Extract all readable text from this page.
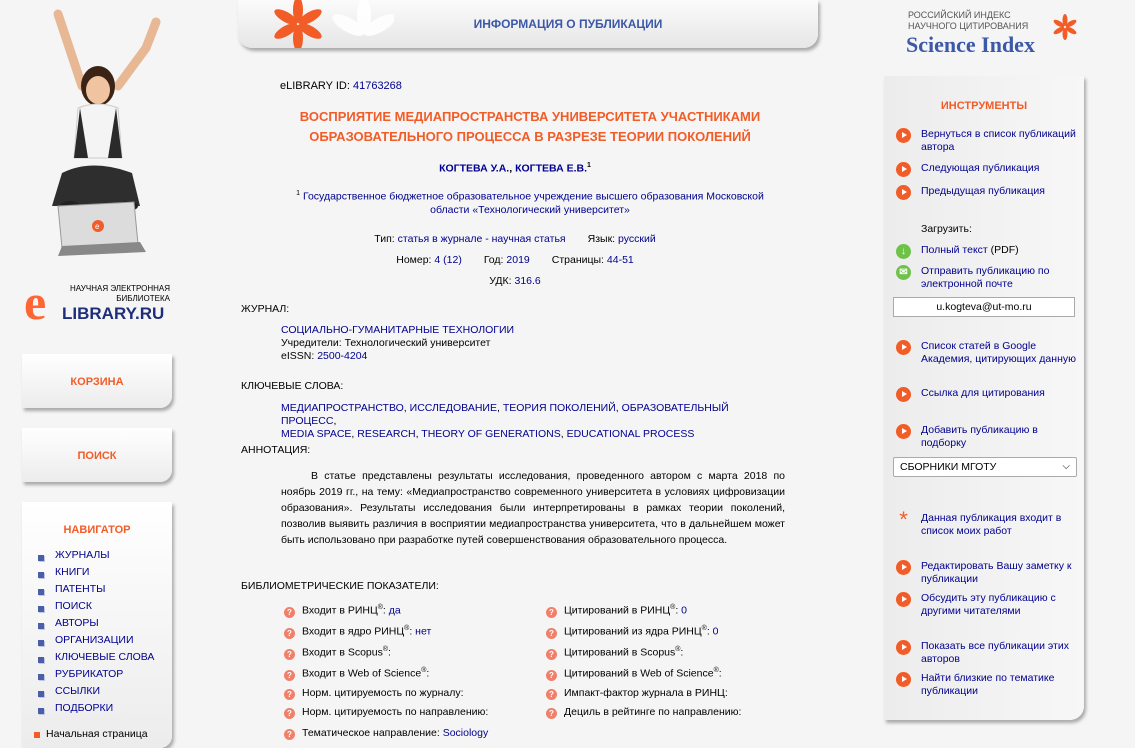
e
НАУЧНАЯ ЭЛЕКТРОННАЯ
БИБЛИОТЕКА
e LIBRARY.RU
КОРЗИНА
ПОИСК
НАВИГАТОР
ЖУРНАЛЫ
КНИГИ
ПАТЕНТЫ
ПОИСК
АВТОРЫ
ОРГАНИЗАЦИИ
КЛЮЧЕВЫЕ СЛОВА
РУБРИКАТОР
ССЫЛКИ
ПОДБОРКИ
Начальная страница
ИНФОРМАЦИЯ О ПУБЛИКАЦИИ
eLIBRARY ID: 41763268
ВОСПРИЯТИЕ МЕДИАПРОСТРАНСТВА УНИВЕРСИТЕТА УЧАСТНИКАМИ
ОБРАЗОВАТЕЛЬНОГО ПРОЦЕССА В РАЗРЕЗЕ ТЕОРИИ ПОКОЛЕНИЙ
КОГТЕВА У.А., КОГТЕВА Е.В.$^1$
$^1$ Государственное бюджетное образовательное учреждение высшего образования Московской области «Технологический университет»
Тип: статья в журнале - научная статья Язык: русский
Номер: 4 (12) Год: 2019 Страницы: 44-51
УДК: 316.6
ЖУРНАЛ:
СОЦИАЛЬНО-ГУМАНИТАРНЫЕ ТЕХНОЛОГИИ
Учредители: Технологический университет
eISSN: 2500-4204
КЛЮЧЕВЫЕ СЛОВА:
МЕДИАПРОСТРАНСТВО, ИССЛЕДОВАНИЕ, ТЕОРИЯ ПОКОЛЕНИЙ, ОБРАЗОВАТЕЛЬНЫЙ ПРОЦЕСС,
MEDIA SPACE, RESEARCH, THEORY OF GENERATIONS, EDUCATIONAL PROCESS
АННОТАЦИЯ:
В статье представлены результаты исследования, проведенного автором с марта 2018 по ноябрь 2019 гг., на тему: «Медиапространство современного университета в условиях цифровизации образования». Результаты исследования были интерпретированы в рамках теории поколений, позволив выявить различия в восприятии медиапространства университета, что в дальнейшем может быть использовано при разработке путей совершенствования образовательного процесса.
БИБЛИОМЕТРИЧЕСКИЕ ПОКАЗАТЕЛИ:
? Входит в РИНЦ®: да	? Цитирований в РИНЦ®: 0
? Входит в ядро РИНЦ®: нет	? Цитирований из ядра РИНЦ®: 0
? Входит в Scopus®:	? Цитирований в Scopus®:
? Входит в Web of Science®:	? Цитирований в Web of Science®:
? Норм. цитируемость по журналу:	? Импакт-фактор журнала в РИНЦ:
? Норм. цитируемость по направлению:	? Дециль в рейтинге по направлению:
? Тематическое направление: Sociology
РОССИЙСКИЙ ИНДЕКС
НАУЧНОГО ЦИТИРОВАНИЯ
Science Index
ИНСТРУМЕНТЫ
Вернуться в список публикаций автора
Следующая публикация
Предыдущая публикация
Загрузить:
↓	Полный текст (PDF)
✉	Отправить публикацию по электронной почте
u.kogteva@ut-mo.ru
Список статей в Google Академия, цитирующих данную
Ссылка для цитирования
Добавить публикацию в подборку
СБОРНИКИ МГОТУ	⌵
*	Данная публикация входит в список моих работ
Редактировать Вашу заметку к публикации
Обсудить эту публикацию с другими читателями
Показать все публикации этих авторов
Найти близкие по тематике публикации
